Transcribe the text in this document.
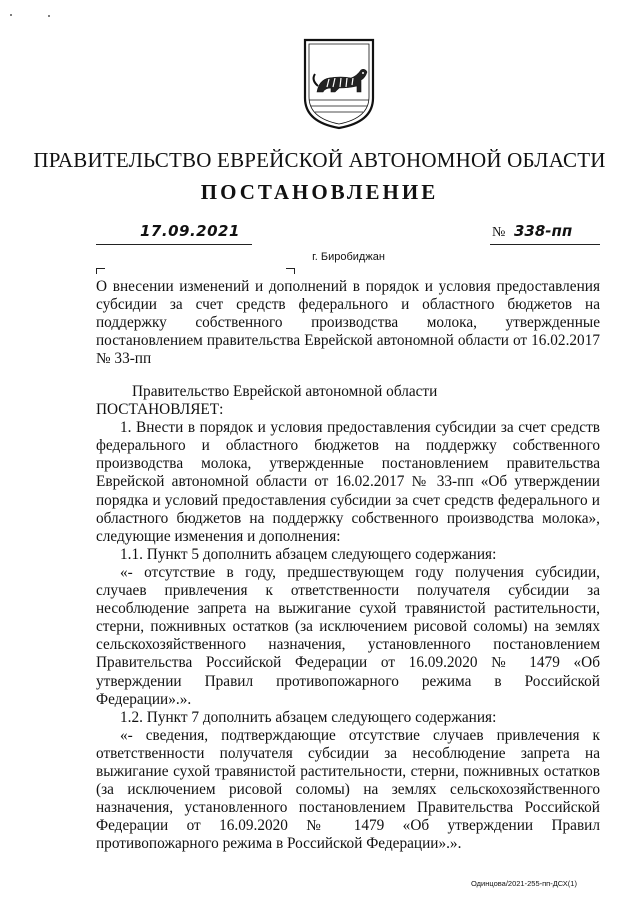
ПРАВИТЕЛЬСТВО ЕВРЕЙСКОЙ АВТОНОМНОЙ ОБЛАСТИ
ПОСТАНОВЛЕНИЕ
17.09.2021	№ 338-пп
г. Биробиджан
О внесении изменений и дополнений в порядок и условия предоставления субсидии за счет средств федерального и областного бюджетов на поддержку собственного производства молока, утвержденные постановлением правительства Еврейской автономной области от 16.02.2017 № 33-пп

Правительство Еврейской автономной области

ПОСТАНОВЛЯЕТ:

1. Внести в порядок и условия предоставления субсидии за счет средств федерального и областного бюджетов на поддержку собственного производства молока, утвержденные постановлением правительства Еврейской автономной области от 16.02.2017 № 33-пп «Об утверждении порядка и условий предоставления субсидии за счет средств федерального и областного бюджетов на поддержку собственного производства молока», следующие изменения и дополнения:

1.1. Пункт 5 дополнить абзацем следующего содержания:

«- отсутствие в году, предшествующем году получения субсидии, случаев привлечения к ответственности получателя субсидии за несоблюдение запрета на выжигание сухой травянистой растительности, стерни, пожнивных остатков (за исключением рисовой соломы) на землях сельскохозяйственного назначения, установленного постановлением Правительства Российской Федерации от 16.09.2020 № 1479 «Об утверждении Правил противопожарного режима в Российской Федерации».».

1.2. Пункт 7 дополнить абзацем следующего содержания:

«- сведения, подтверждающие отсутствие случаев привлечения к ответственности получателя субсидии за несоблюдение запрета на выжигание сухой травянистой растительности, стерни, пожнивных остатков (за исключением рисовой соломы) на землях сельскохозяйственного назначения, установленного постановлением Правительства Российской Федерации от 16.09.2020 № 1479 «Об утверждении Правил противопожарного режима в Российской Федерации».».

Одинцова/2021-255-пп-ДСХ(1)
